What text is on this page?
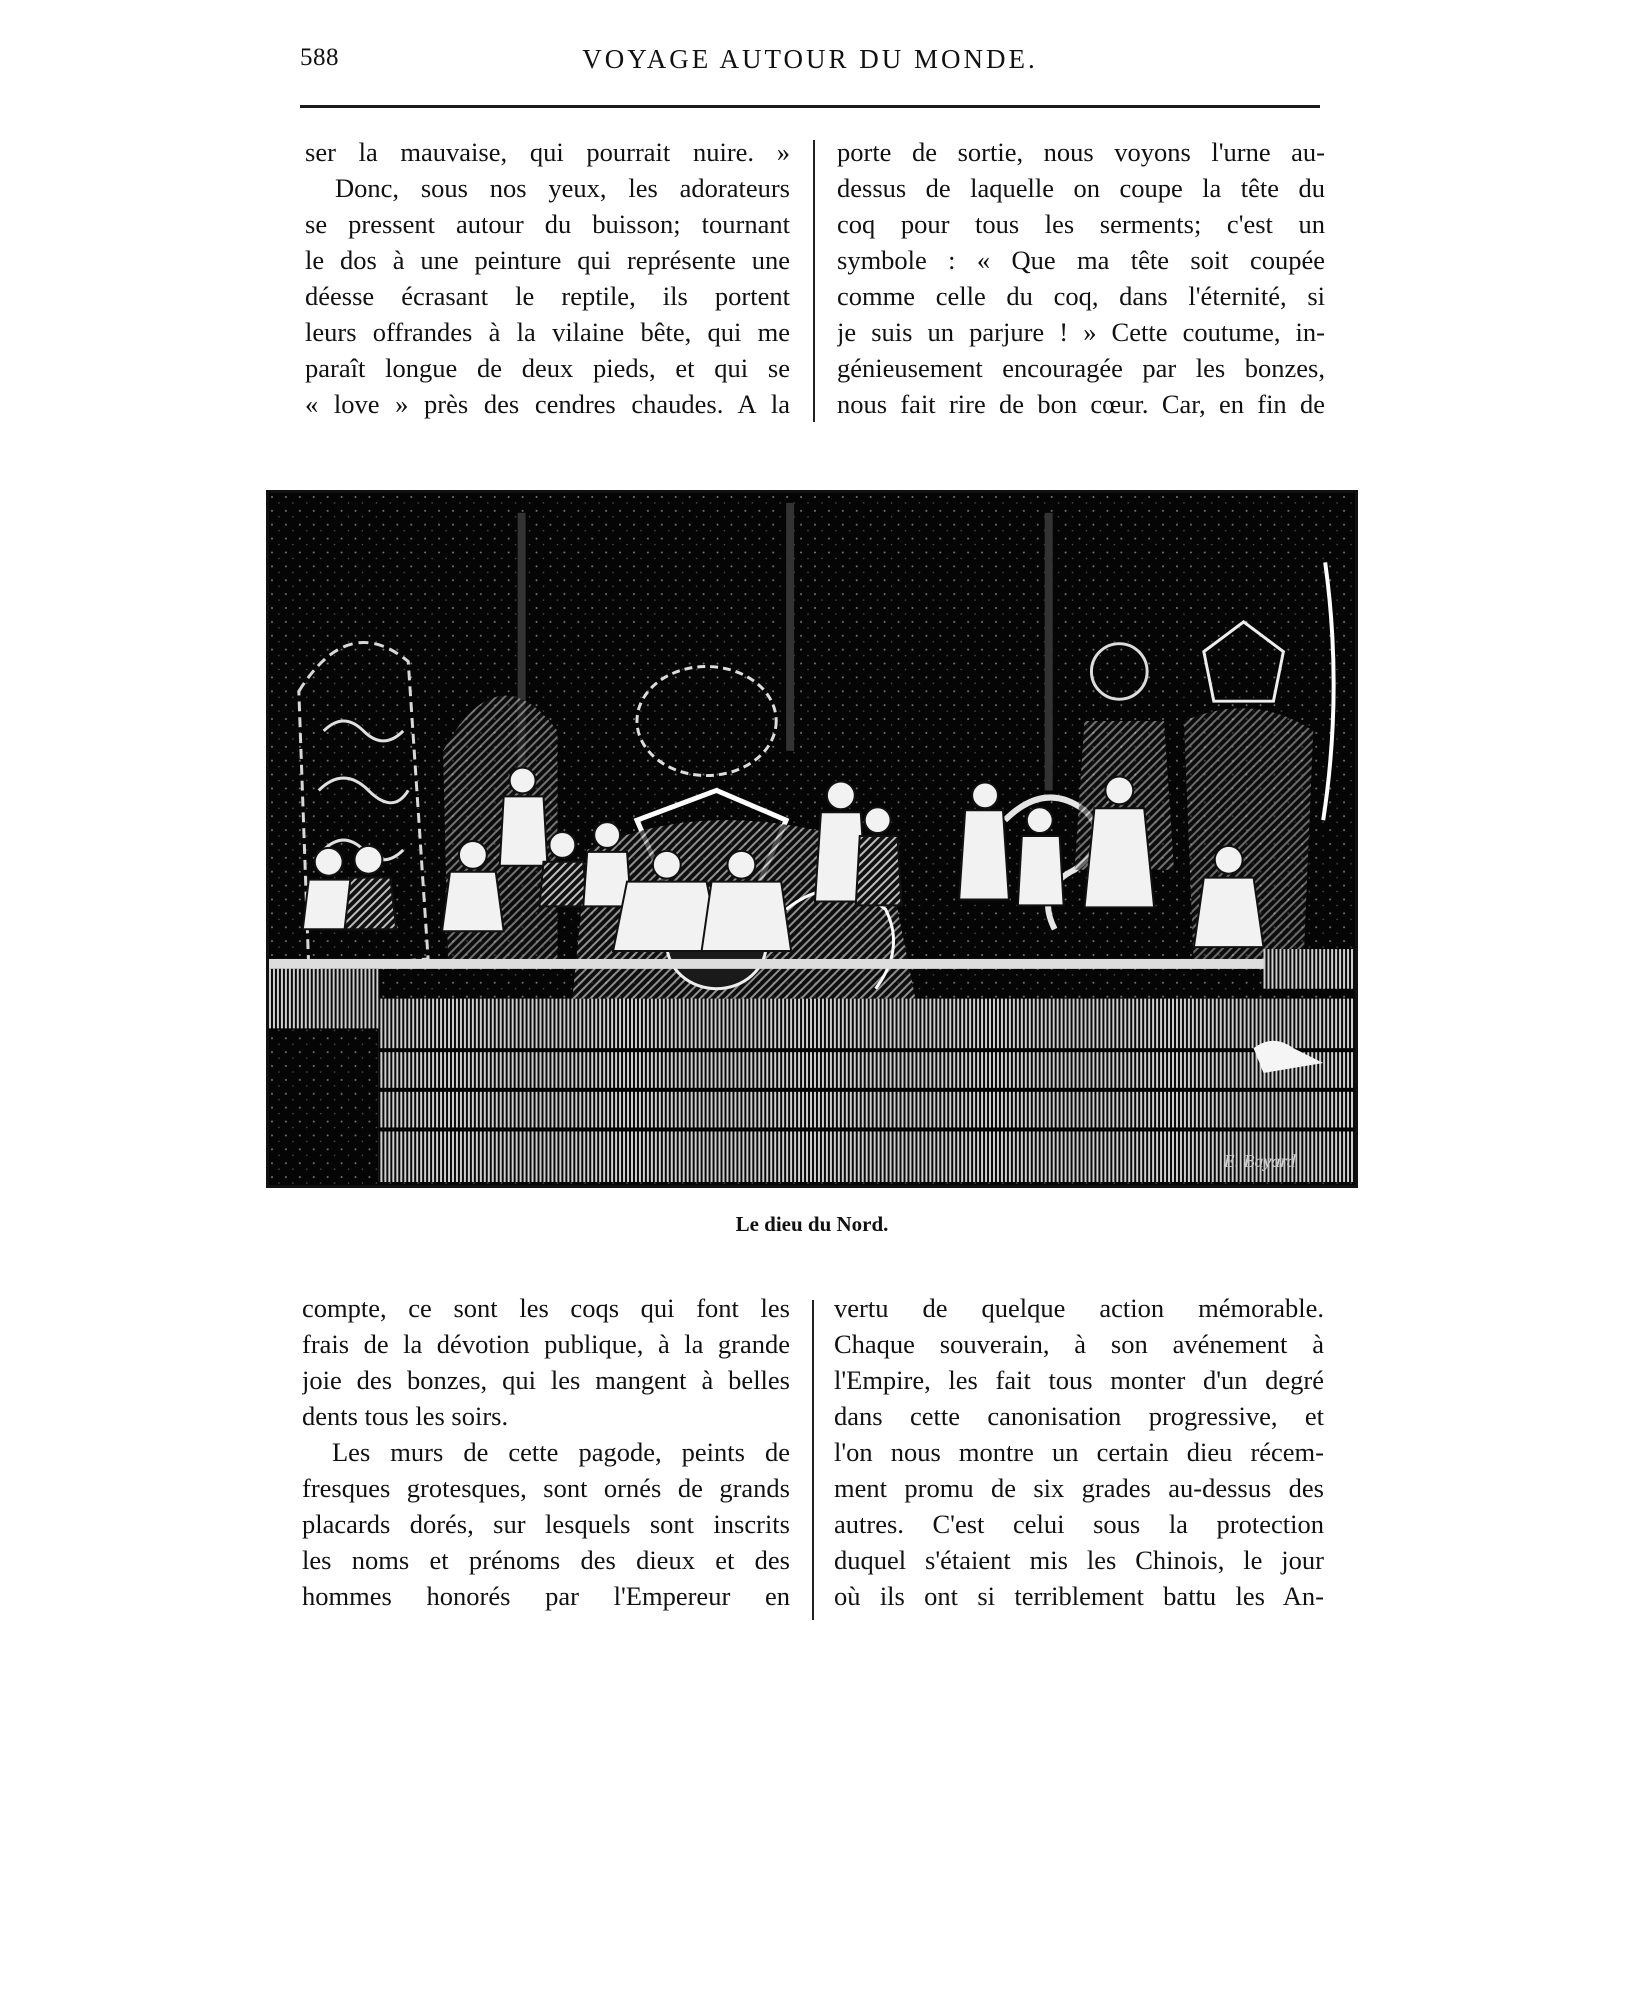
588	VOYAGE AUTOUR DU MONDE.
ser la mauvaise, qui pourrait nuire. »
Donc, sous nos yeux, les adorateurs
se pressent autour du buisson; tournant
le dos à une peinture qui représente une
déesse écrasant le reptile, ils portent
leurs offrandes à la vilaine bête, qui me
paraît longue de deux pieds, et qui se
« love » près des cendres chaudes. A la
porte de sortie, nous voyons l'urne au-
dessus de laquelle on coupe la tête du
coq pour tous les serments; c'est un
symbole : « Que ma tête soit coupée
comme celle du coq, dans l'éternité, si
je suis un parjure ! » Cette coutume, in-
génieusement encouragée par les bonzes,
nous fait rire de bon cœur. Car, en fin de
E. Bayard
Le dieu du Nord.
compte, ce sont les coqs qui font les
frais de la dévotion publique, à la grande
joie des bonzes, qui les mangent à belles
dents tous les soirs.
Les murs de cette pagode, peints de
fresques grotesques, sont ornés de grands
placards dorés, sur lesquels sont inscrits
les noms et prénoms des dieux et des
hommes honorés par l'Empereur en
vertu de quelque action mémorable.
Chaque souverain, à son avénement à
l'Empire, les fait tous monter d'un degré
dans cette canonisation progressive, et
l'on nous montre un certain dieu récem-
ment promu de six grades au-dessus des
autres. C'est celui sous la protection
duquel s'étaient mis les Chinois, le jour
où ils ont si terriblement battu les An-
